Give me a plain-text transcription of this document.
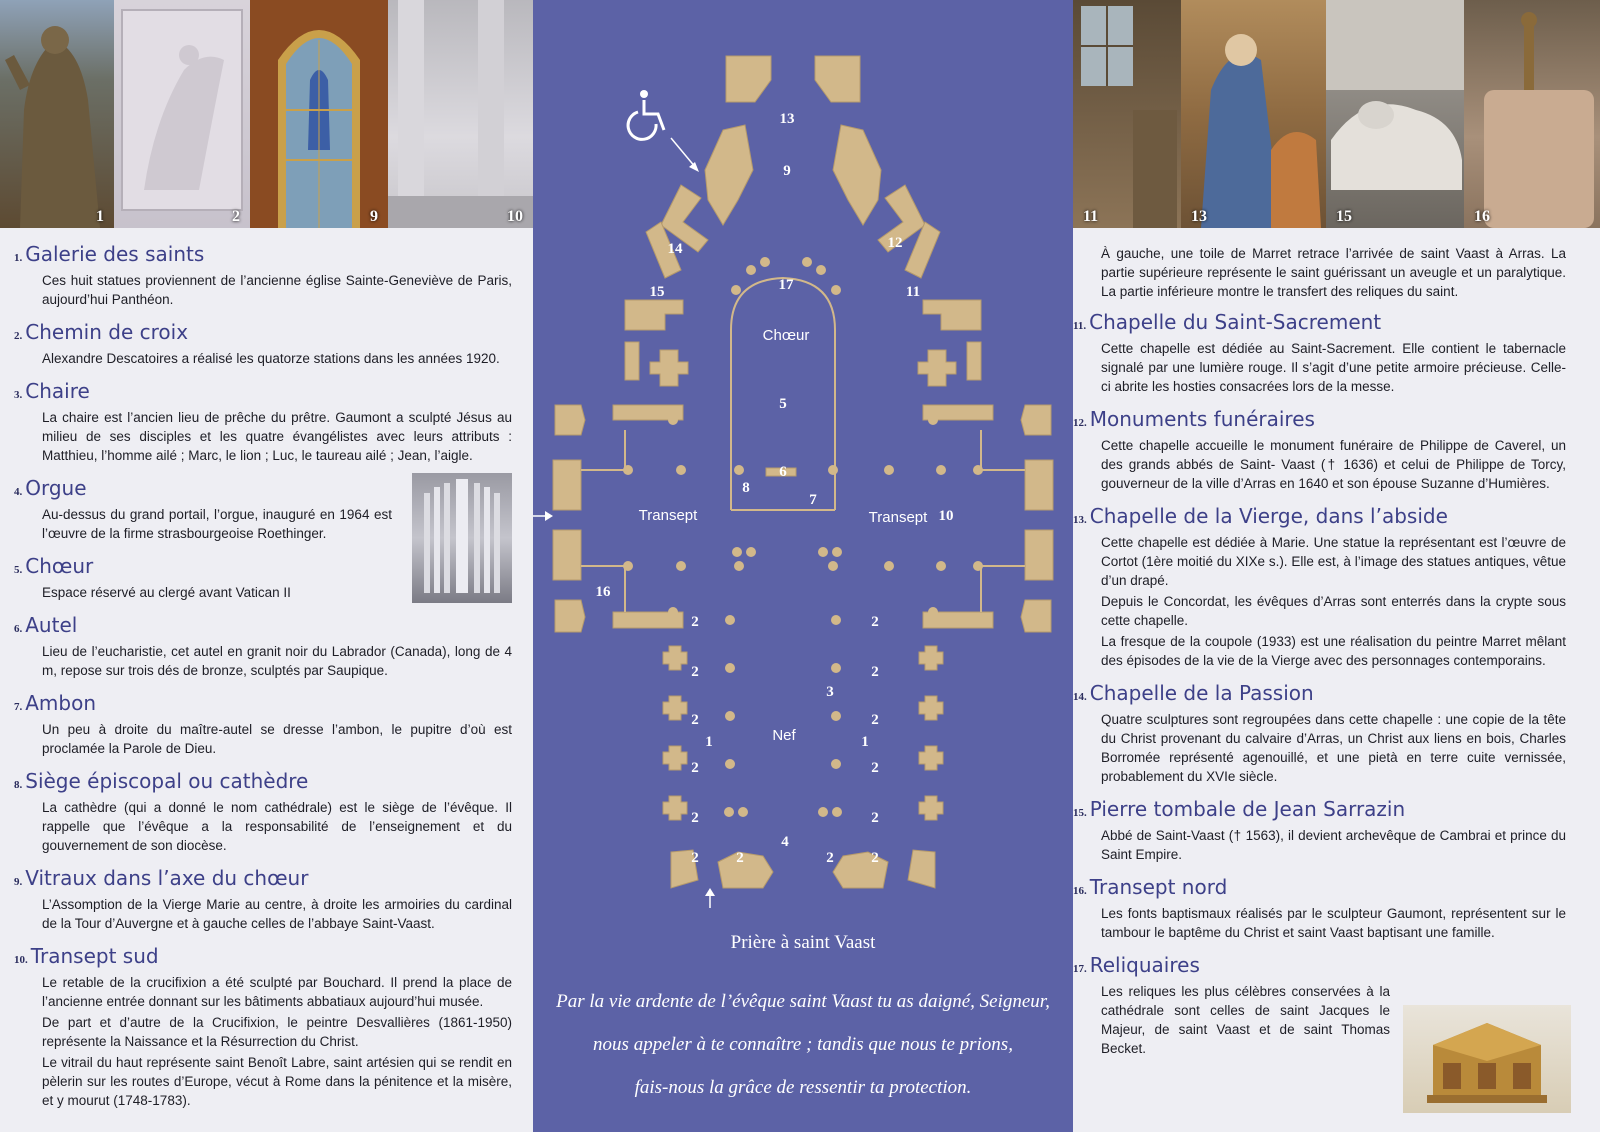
1	2	9	10
1. Galerie des saints

Ces huit statues proviennent de l’ancienne église Sainte-Geneviève de Paris, aujourd’hui Panthéon.

2. Chemin de croix

Alexandre Descatoires a réalisé les quatorze stations dans les années 1920.

3. Chaire

La chaire est l’ancien lieu de prêche du prêtre. Gaumont a sculpté Jésus au milieu de ses disciples et les quatre évangélistes avec leurs attributs : Matthieu, l’homme ailé ; Marc, le lion ; Luc, le taureau ailé ; Jean, l’aigle.

4. Orgue

Au-dessus du grand portail, l’orgue, inauguré en 1964 est l’œuvre de la firme strasbourgeoise Roethinger.

5. Chœur

Espace réservé au clergé avant Vatican II

6. Autel

Lieu de l’eucharistie, cet autel en granit noir du Labrador (Canada), long de 4 m, repose sur trois dés de bronze, sculptés par Saupique.

7. Ambon

Un peu à droite du maître-autel se dresse l’ambon, le pupitre d’où est proclamée la Parole de Dieu.

8. Siège épiscopal ou cathèdre

La cathèdre (qui a donné le nom cathédrale) est le siège de l’évêque. Il rappelle que l’évêque a la responsabilité de l’enseignement et du gouvernement de son diocèse.

9. Vitraux dans l’axe du chœur

L’Assomption de la Vierge Marie au centre, à droite les armoiries du cardinal de la Tour d’Auvergne et à gauche celles de l’abbaye Saint-Vaast.

10. Transept sud

Le retable de la crucifixion a été sculpté par Bouchard. Il prend la place de l’ancienne entrée donnant sur les bâtiments abbatiaux aujourd’hui musée.

De part et d’autre de la Crucifixion, le peintre Desvallières (1861-1950) représente la Naissance et la Résurrection du Christ.

Le vitrail du haut représente saint Benoît Labre, saint artésien qui se rendit en pèlerin sur les routes d’Europe, vécut à Rome dans la pénitence et la misère, et y mourut (1748-1783).

Chœur
Transept	Transept
Nef
13
9
14	12
15	11
17
5
6
8
7
10
16
3
1	1
4
2	2
2	2
2	2
2	2
2	2
2	2	2	2
Prière à saint Vaast
Par la vie ardente de l’évêque saint Vaast tu as daigné, Seigneur,
nous appeler à te connaître ; tandis que nous te prions,
fais-nous la grâce de ressentir ta protection.
11	13	15	16

À gauche, une toile de Marret retrace l’arrivée de saint Vaast à Arras. La partie supérieure représente le saint guérissant un aveugle et un paralytique. La partie inférieure montre le transfert des reliques du saint.

11. Chapelle du Saint-Sacrement

Cette chapelle est dédiée au Saint-Sacrement. Elle contient le tabernacle signalé par une lumière rouge. Il s’agit d’une petite armoire précieuse. Celle-ci abrite les hosties consacrées lors de la messe.

12. Monuments funéraires

Cette chapelle accueille le monument funéraire de Philippe de Caverel, un des grands abbés de Saint- Vaast († 1636) et celui de Philippe de Torcy, gouverneur de la ville d’Arras en 1640 et son épouse Suzanne d’Humières.

13. Chapelle de la Vierge, dans l’abside

Cette chapelle est dédiée à Marie. Une statue la représentant est l’œuvre de Cortot (1ère moitié du XIXe s.). Elle est, à l’image des statues antiques, vêtue d’un drapé.

Depuis le Concordat, les évêques d’Arras sont enterrés dans la crypte sous cette chapelle.

La fresque de la coupole (1933) est une réalisation du peintre Marret mêlant des épisodes de la vie de la Vierge avec des personnages contemporains.

14. Chapelle de la Passion

Quatre sculptures sont regroupées dans cette chapelle : une copie de la tête du Christ provenant du calvaire d’Arras, un Christ aux liens en bois, Charles Borromée représenté agenouillé, et une pietà en terre cuite vernissée, probablement du XVIe siècle.

15. Pierre tombale de Jean Sarrazin

Abbé de Saint-Vaast († 1563), il devient archevêque de Cambrai et prince du Saint Empire.

16. Transept nord

Les fonts baptismaux réalisés par le sculpteur Gaumont, représentent sur le tambour le baptême du Christ et saint Vaast baptisant une famille.

17. Reliquaires

Les reliques les plus célèbres conservées à la cathédrale sont celles de saint Jacques le Majeur, de saint Vaast et de saint Thomas Becket.
